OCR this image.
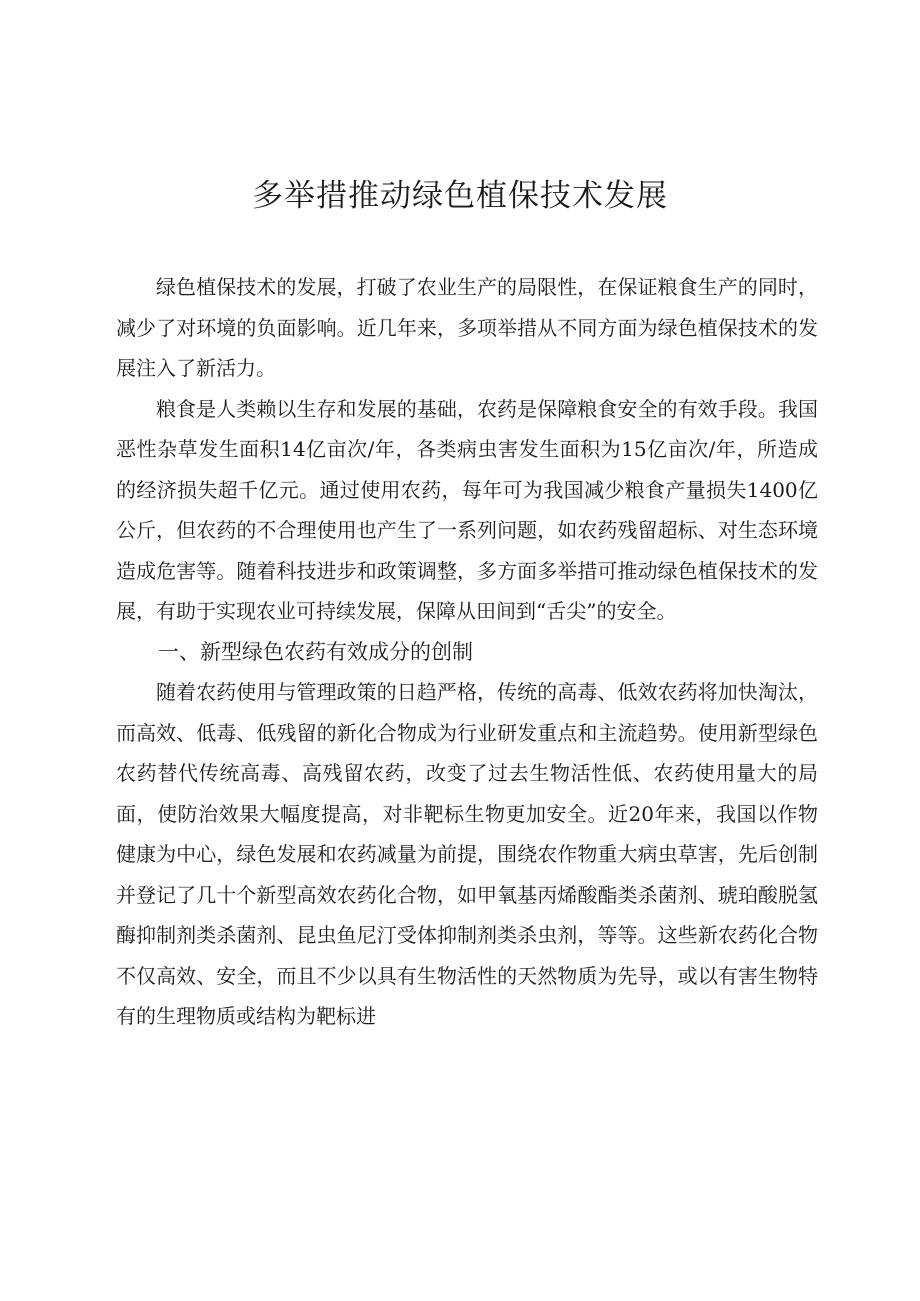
多举措推动绿色植保技术发展

绿色植保技术的发展，打破了农业生产的局限性，在保证粮食生产的同时，减少了对环境的负面影响。近几年来，多项举措从不同方面为绿色植保技术的发展注入了新活力。

粮食是人类赖以生存和发展的基础，农药是保障粮食安全的有效手段。我国恶性杂草发生面积14亿亩次/年，各类病虫害发生面积为15亿亩次/年，所造成的经济损失超千亿元。通过使用农药，每年可为我国减少粮食产量损失1400亿公斤，但农药的不合理使用也产生了一系列问题，如农药残留超标、对生态环境造成危害等。随着科技进步和政策调整，多方面多举措可推动绿色植保技术的发展，有助于实现农业可持续发展，保障从田间到“舌尖”的安全。

一、新型绿色农药有效成分的创制

随着农药使用与管理政策的日趋严格，传统的高毒、低效农药将加快淘汰，而高效、低毒、低残留的新化合物成为行业研发重点和主流趋势。使用新型绿色农药替代传统高毒、高残留农药，改变了过去生物活性低、农药使用量大的局面，使防治效果大幅度提高，对非靶标生物更加安全。近20年来，我国以作物健康为中心，绿色发展和农药减量为前提，围绕农作物重大病虫草害，先后创制并登记了几十个新型高效农药化合物，如甲氧基丙烯酸酯类杀菌剂、琥珀酸脱氢酶抑制剂类杀菌剂、昆虫鱼尼汀受体抑制剂类杀虫剂，等等。这些新农药化合物不仅高效、安全，而且不少以具有生物活性的天然物质为先导，或以有害生物特有的生理物质或结构为靶标进
